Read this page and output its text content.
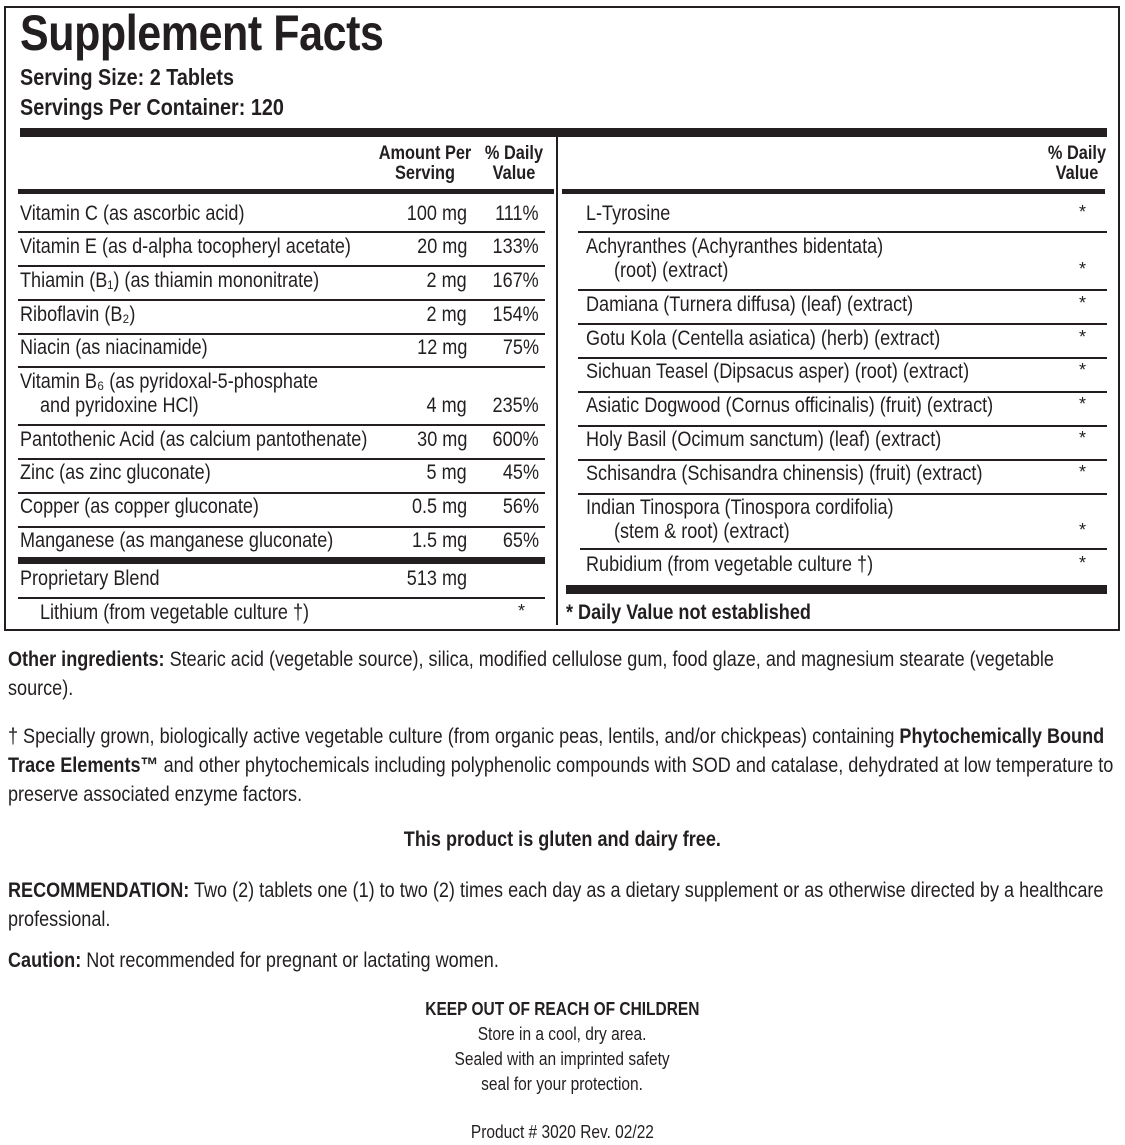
Supplement Facts
Serving Size: 2 Tablets
Servings Per Container: 120
Amount Per
Serving
% Daily
Value
% Daily
Value
Vitamin C (as ascorbic acid)	100 mg 111%
Vitamin E (as d-alpha tocopheryl acetate)	20 mg 133%
Thiamin (B₁) (as thiamin mononitrate)	2 mg 167%
Riboflavin (B₂)	2 mg 154%
Niacin (as niacinamide)	12 mg 75%
Vitamin B₆ (as pyridoxal-5-phosphate
and pyridoxine HCl)	4 mg 235%
Pantothenic Acid (as calcium pantothenate) 30 mg 600%
Zinc (as zinc gluconate)	5 mg 45%
Copper (as copper gluconate)	0.5 mg 56%
Manganese (as manganese gluconate)	1.5 mg 65%
Proprietary Blend	513 mg
Lithium (from vegetable culture †)	*
L-Tyrosine	*
Achyranthes (Achyranthes bidentata)
(root) (extract)	*
Damiana (Turnera diffusa) (leaf) (extract)	*
Gotu Kola (Centella asiatica) (herb) (extract)	*
Sichuan Teasel (Dipsacus asper) (root) (extract)	*
Asiatic Dogwood (Cornus officinalis) (fruit) (extract)	*
Holy Basil (Ocimum sanctum) (leaf) (extract)	*
Schisandra (Schisandra chinensis) (fruit) (extract)	*
Indian Tinospora (Tinospora cordifolia)
(stem & root) (extract)	*
Rubidium (from vegetable culture †)	*
* Daily Value not established
Other ingredients: Stearic acid (vegetable source), silica, modified cellulose gum, food glaze, and magnesium stearate (vegetable source).
† Specially grown, biologically active vegetable culture (from organic peas, lentils, and/or chickpeas) containing Phytochemically Bound Trace Elements™ and other phytochemicals including polyphenolic compounds with SOD and catalase, dehydrated at low temperature to preserve associated enzyme factors.
This product is gluten and dairy free.
RECOMMENDATION: Two (2) tablets one (1) to two (2) times each day as a dietary supplement or as otherwise directed by a healthcare professional.
Caution: Not recommended for pregnant or lactating women.
KEEP OUT OF REACH OF CHILDREN
Store in a cool, dry area.
Sealed with an imprinted safety
seal for your protection.
Product # 3020 Rev. 02/22
